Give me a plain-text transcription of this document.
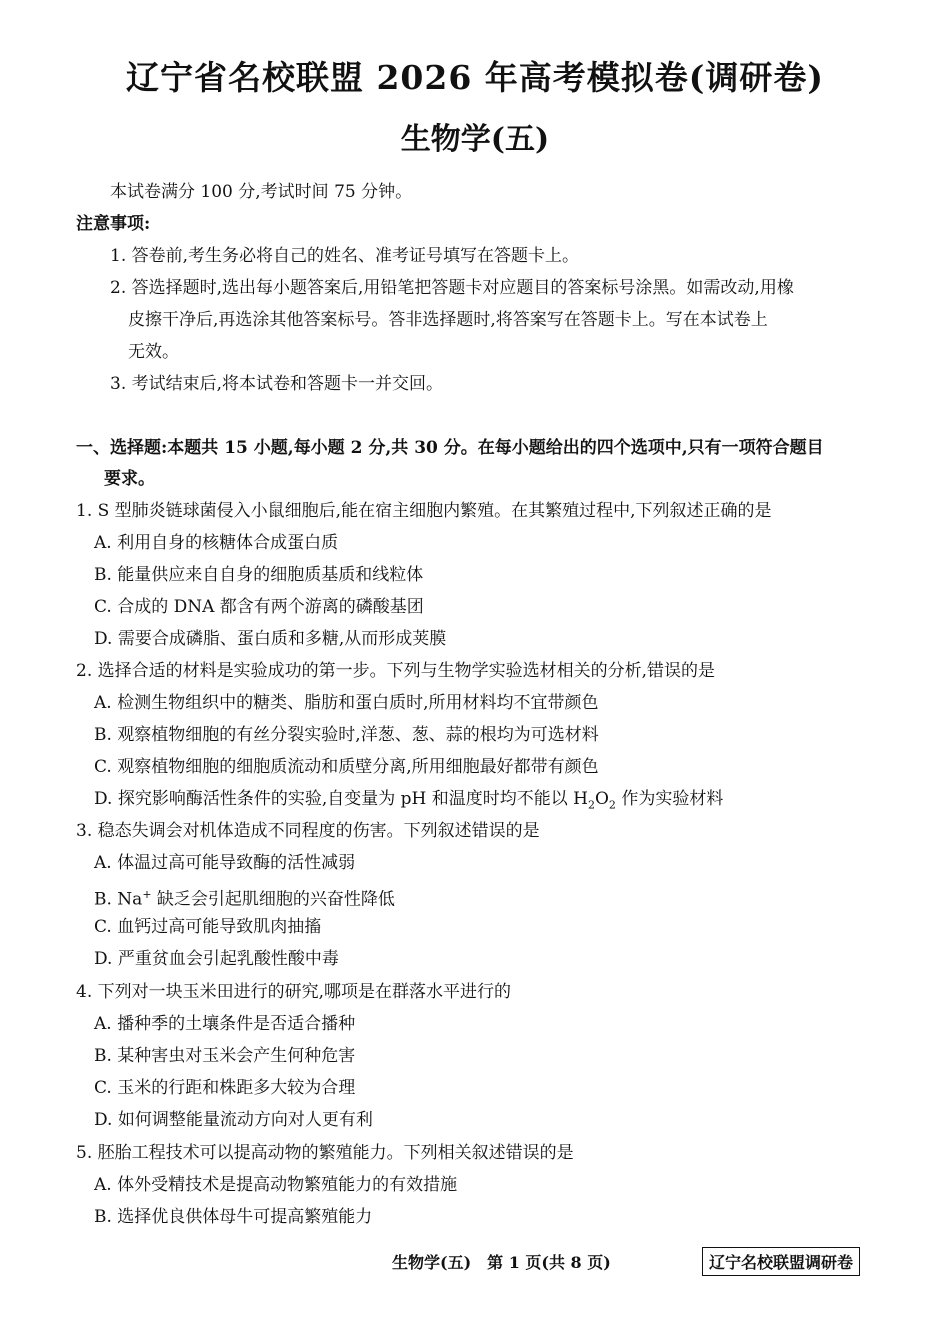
辽宁省名校联盟 2026 年高考模拟卷(调研卷)
生物学(五)
本试卷满分 100 分,考试时间 75 分钟。
注意事项:
1. 答卷前,考生务必将自己的姓名、准考证号填写在答题卡上。
2. 答选择题时,选出每小题答案后,用铅笔把答题卡对应题目的答案标号涂黑。如需改动,用橡
皮擦干净后,再选涂其他答案标号。答非选择题时,将答案写在答题卡上。写在本试卷上
无效。
3. 考试结束后,将本试卷和答题卡一并交回。
一、选择题:本题共 15 小题,每小题 2 分,共 30 分。在每小题给出的四个选项中,只有一项符合题目
要求。
1. S 型肺炎链球菌侵入小鼠细胞后,能在宿主细胞内繁殖。在其繁殖过程中,下列叙述正确的是
A. 利用自身的核糖体合成蛋白质
B. 能量供应来自自身的细胞质基质和线粒体
C. 合成的 DNA 都含有两个游离的磷酸基团
D. 需要合成磷脂、蛋白质和多糖,从而形成荚膜
2. 选择合适的材料是实验成功的第一步。下列与生物学实验选材相关的分析,错误的是
A. 检测生物组织中的糖类、脂肪和蛋白质时,所用材料均不宜带颜色
B. 观察植物细胞的有丝分裂实验时,洋葱、葱、蒜的根均为可选材料
C. 观察植物细胞的细胞质流动和质壁分离,所用细胞最好都带有颜色
D. 探究影响酶活性条件的实验,自变量为 pH 和温度时均不能以 $H_2O_2$ 作为实验材料
3. 稳态失调会对机体造成不同程度的伤害。下列叙述错误的是
A. 体温过高可能导致酶的活性减弱
B. Na+ 缺乏会引起肌细胞的兴奋性降低
C. 血钙过高可能导致肌肉抽搐
D. 严重贫血会引起乳酸性酸中毒
4. 下列对一块玉米田进行的研究,哪项是在群落水平进行的
A. 播种季的土壤条件是否适合播种
B. 某种害虫对玉米会产生何种危害
C. 玉米的行距和株距多大较为合理
D. 如何调整能量流动方向对人更有利
5. 胚胎工程技术可以提高动物的繁殖能力。下列相关叙述错误的是
A. 体外受精技术是提高动物繁殖能力的有效措施
B. 选择优良供体母牛可提高繁殖能力
生物学(五)　第 1 页(共 8 页)	辽宁名校联盟调研卷
